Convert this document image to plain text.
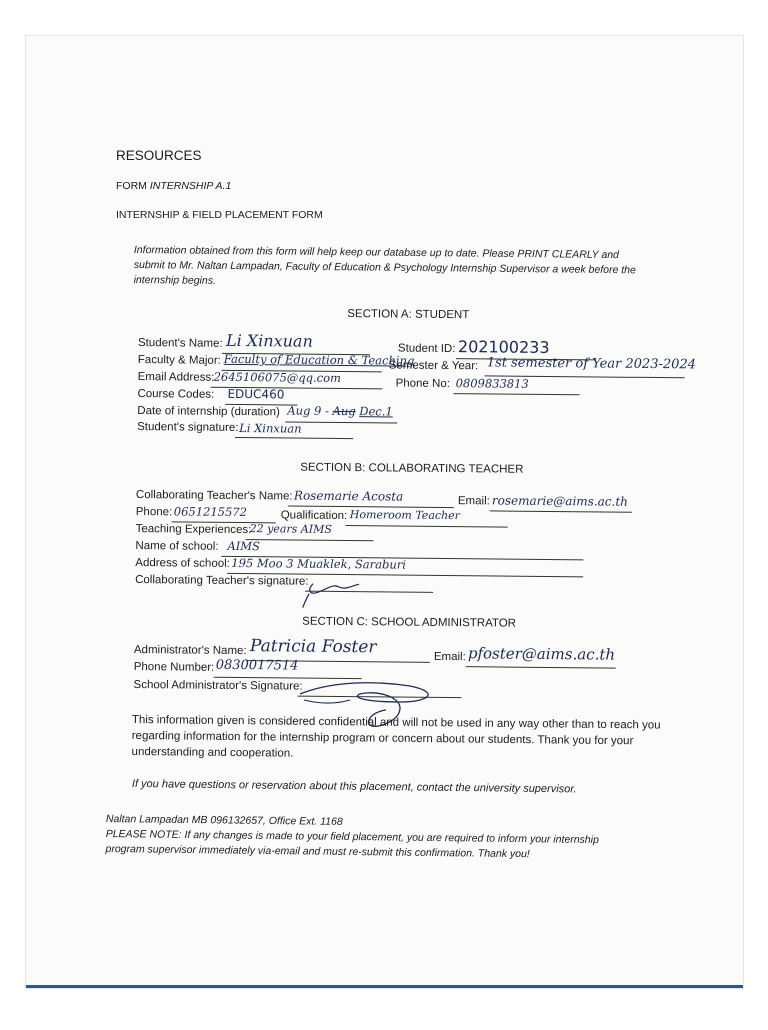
RESOURCES
FORM INTERNSHIP A.1
INTERNSHIP & FIELD PLACEMENT FORM
Information obtained from this form will help keep our database up to date. Please PRINT CLEARLY and
submit to Mr. Naltan Lampadan, Faculty of Education & Psychology Internship Supervisor a week before the
internship begins.
SECTION A: STUDENT
Student's Name: Li Xinxuan	Student ID: 202100233
Faculty & Major: Faculty of Education & Teaching
Semester & Year: 1st semester of Year 2023-2024
Email Address: 2645106075@qq.com	Phone No: 0809833813
Course Codes: EDUC460
Date of internship (duration) Aug 9 - Aug Dec.1
Student's signature: Li Xinxuan
SECTION B: COLLABORATING TEACHER
Collaborating Teacher's Name: Rosemarie Acosta	Email: rosemarie@aims.ac.th
Phone: 0651215572	Qualification: Homeroom Teacher
Teaching Experiences:
22 years AIMS
Name of school: AIMS
Address of school: 195 Moo 3 Muaklek, Saraburi
Collaborating Teacher's signature:
SECTION C: SCHOOL ADMINISTRATOR
Administrator's Name: Patricia Foster	Email: pfoster@aims.ac.th
Phone Number: 0830017514
School Administrator's Signature:
This information given is considered confidential and will not be used in any way other than to reach you
regarding information for the internship program or concern about our students. Thank you for your
understanding and cooperation.
If you have questions or reservation about this placement, contact the university supervisor.
Naltan Lampadan MB 096132657, Office Ext. 1168
PLEASE NOTE: If any changes is made to your field placement, you are required to inform your internship
program supervisor immediately via-email and must re-submit this confirmation. Thank you!
